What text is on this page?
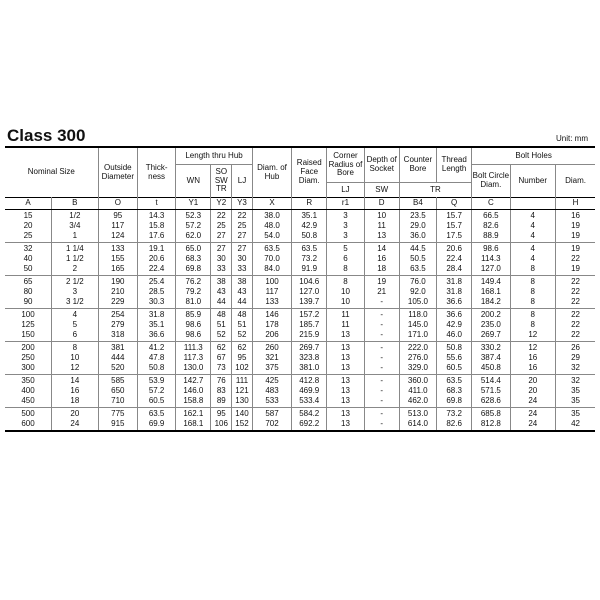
Class 300	Unit: mm
Nominal Size		Outside Diameter	Thick-ness	Length thru Hub			Diam. of Hub	Raised Face Diam.	Corner Radius of Bore	Depth of Socket	Counter Bore	Thread Length	Bolt Holes		
				WN	SO SW TR	LJ							Bolt Circle Diam.	Number	Diam.
									LJ	SW	TR				
A	B	O	t	Y1	Y2	Y3	X	R	r1	D	B4	Q	C		H
15	1/2	95	14.3	52.3	22	22	38.0	35.1	3	10	23.5	15.7	66.5	4	16
20	3/4	117	15.8	57.2	25	25	48.0	42.9	3	11	29.0	15.7	82.6	4	19
25	1	124	17.6	62.0	27	27	54.0	50.8	3	13	36.0	17.5	88.9	4	19
32	1 1/4	133	19.1	65.0	27	27	63.5	63.5	5	14	44.5	20.6	98.6	4	19
40	1 1/2	155	20.6	68.3	30	30	70.0	73.2	6	16	50.5	22.4	114.3	4	22
50	2	165	22.4	69.8	33	33	84.0	91.9	8	18	63.5	28.4	127.0	8	19
65	2 1/2	190	25.4	76.2	38	38	100	104.6	8	19	76.0	31.8	149.4	8	22
80	3	210	28.5	79.2	43	43	117	127.0	10	21	92.0	31.8	168.1	8	22
90	3 1/2	229	30.3	81.0	44	44	133	139.7	10	-	105.0	36.6	184.2	8	22
100	4	254	31.8	85.9	48	48	146	157.2	11	-	118.0	36.6	200.2	8	22
125	5	279	35.1	98.6	51	51	178	185.7	11	-	145.0	42.9	235.0	8	22
150	6	318	36.6	98.6	52	52	206	215.9	13	-	171.0	46.0	269.7	12	22
200	8	381	41.2	111.3	62	62	260	269.7	13	-	222.0	50.8	330.2	12	26
250	10	444	47.8	117.3	67	95	321	323.8	13	-	276.0	55.6	387.4	16	29
300	12	520	50.8	130.0	73	102	375	381.0	13	-	329.0	60.5	450.8	16	32
350	14	585	53.9	142.7	76	111	425	412.8	13	-	360.0	63.5	514.4	20	32
400	16	650	57.2	146.0	83	121	483	469.9	13	-	411.0	68.3	571.5	20	35
450	18	710	60.5	158.8	89	130	533	533.4	13	-	462.0	69.8	628.6	24	35
500	20	775	63.5	162.1	95	140	587	584.2	13	-	513.0	73.2	685.8	24	35
600	24	915	69.9	168.1	106	152	702	692.2	13	-	614.0	82.6	812.8	24	42
